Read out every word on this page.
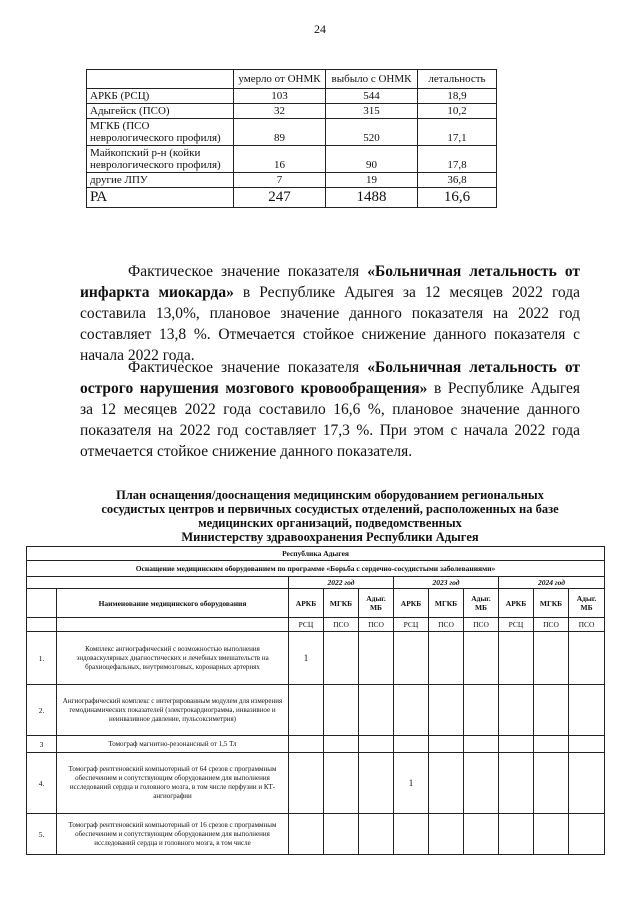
24
	умерло от ОНМК	выбыло с ОНМК	летальность
АРКБ (РСЦ)	103	544	18,9
Адыгейск (ПСО)	32	315	10,2
МГКБ (ПСО неврологического профиля)	89	520	17,1
Майкопский р-н (койки неврологического профиля)	16	90	17,8
другие ЛПУ	7	19	36,8
РА	247	1488	16,6
Фактическое значение показателя «Больничная летальность от инфаркта миокарда» в Республике Адыгея за 12 месяцев 2022 года составила 13,0%, плановое значение данного показателя на 2022 год составляет 13,8 %. Отмечается стойкое снижение данного показателя с начала 2022 года.
Фактическое значение показателя «Больничная летальность от острого нарушения мозгового кровообращения» в Республике Адыгея за 12 месяцев 2022 года составило 16,6 %, плановое значение данного показателя на 2022 год составляет 17,3 %. При этом с начала 2022 года отмечается стойкое снижение данного показателя.
План оснащения/дооснащения медицинским оборудованием региональных
сосудистых центров и первичных сосудистых отделений, расположенных на базе
медицинских организаций, подведомственных
Министерству здравоохранения Республики Адыгея
Республика Адыгея										
Оснащение медицинским оборудованием по программе «Борьба с сердечно-сосудистыми заболеваниями»										
		2022 год			2023 год			2024 год		
	Наименование медицинского оборудования	АРКБ	МГКБ	Адыг. МБ	АРКБ	МГКБ	Адыг. МБ	АРКБ	МГКБ	Адыг. МБ
		РСЦ	ПСО	ПСО	РСЦ	ПСО	ПСО	РСЦ	ПСО	ПСО
1.	Комплекс ангиографический с возможностью выполнения эндоваскулярных диагностических и лечебных вмешательств на брахиоцефальных, внутримозговых, коронарных артериях	1								
2.	Ангиографический комплекс с интегрированным модулем для измерения гемодинамических показателей (электрокардиограмма, инвазивное и неинвазивное давление, пульсоксиметрия)									
3	Томограф магнитно-резонансный от 1,5 Тл									
4.	Томограф рентгеновский компьютерный от 64 срезов с программным обеспечением и сопутствующим оборудованием для выполнения исследований сердца и головного мозга, в том числе перфузии и КТ-ангиографии				1					
5.	Томограф рентгеновский компьютерный от 16 срезов с программным обеспечением и сопутствующим оборудованием для выполнения исследований сердца и головного мозга, в том числе									
